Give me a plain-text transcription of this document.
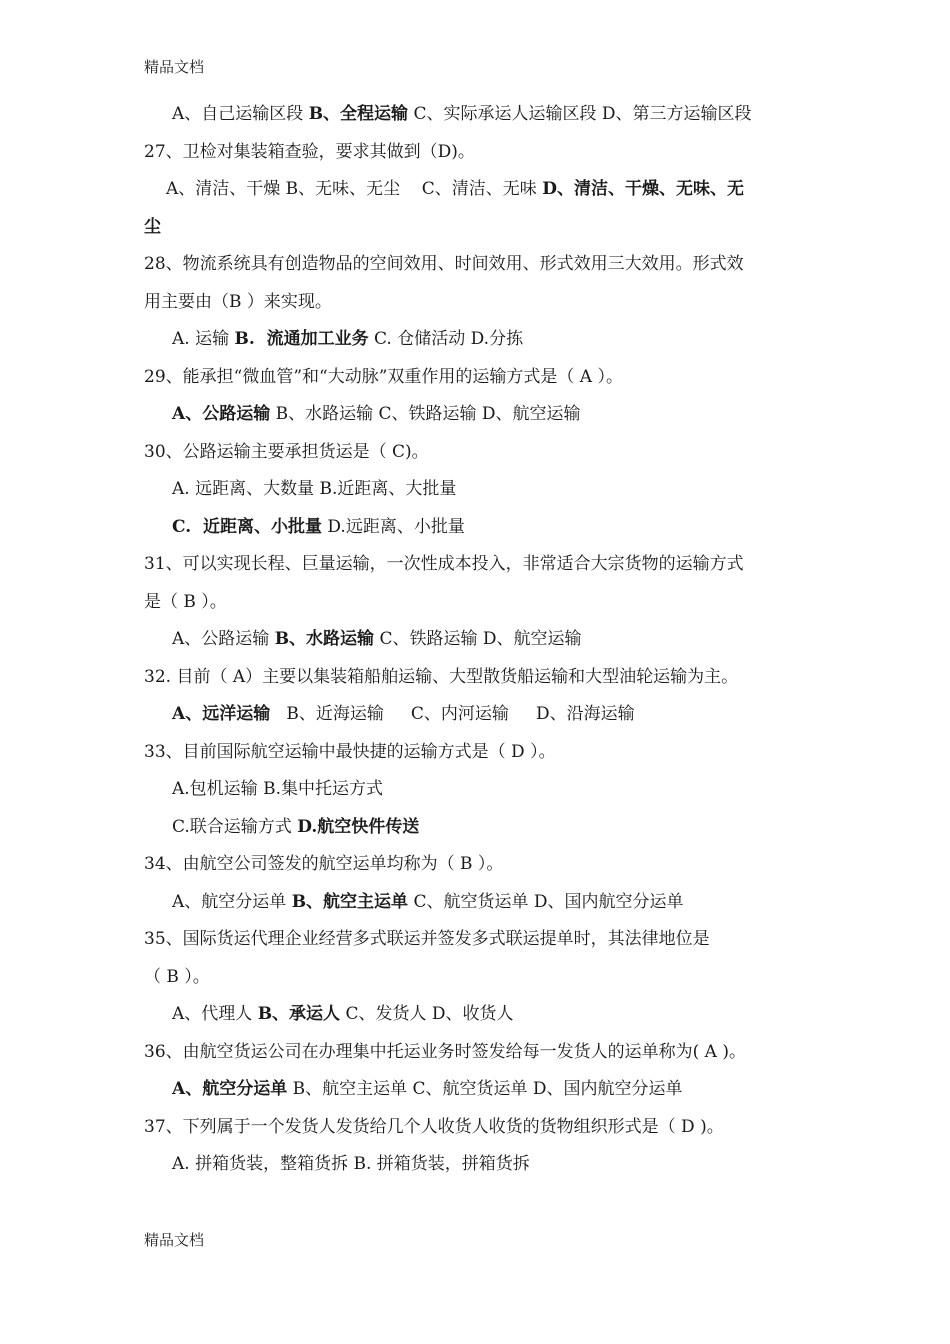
精品文档
A、自己运输区段 B、全程运输 C、实际承运人运输区段 D、第三方运输区段
27、卫检对集装箱查验，要求其做到（D)。
A、清洁、干燥 B、无味、无尘    C、清洁、无味 D、清洁、干燥、无味、无
尘
28、物流系统具有创造物品的空间效用、时间效用、形式效用三大效用。形式效
用主要由（B ）来实现。
A. 运输 B.  流通加工业务 C. 仓储活动 D.分拣
29、能承担“微血管”和“大动脉”双重作用的运输方式是（ A ）。
A、公路运输 B、水路运输 C、铁路运输 D、航空运输
30、公路运输主要承担货运是（ C)。
A. 远距离、大数量 B.近距离、大批量
C.  近距离、小批量 D.远距离、小批量
31、可以实现长程、巨量运输，一次性成本投入，非常适合大宗货物的运输方式
是（ B ）。
A、公路运输 B、水路运输 C、铁路运输 D、航空运输
32. 目前（ A）主要以集装箱船舶运输、大型散货船运输和大型油轮运输为主。
A、远洋运输   B、近海运输     C、内河运输     D、沿海运输
33、目前国际航空运输中最快捷的运输方式是（ D ）。
A.包机运输 B.集中托运方式
C.联合运输方式 D.航空快件传送
34、由航空公司签发的航空运单均称为（ B ）。
A、航空分运单 B、航空主运单 C、航空货运单 D、国内航空分运单
35、国际货运代理企业经营多式联运并签发多式联运提单时，其法律地位是
（ B ）。
A、代理人 B、承运人 C、发货人 D、收货人
36、由航空货运公司在办理集中托运业务时签发给每一发货人的运单称为( A )。
A、航空分运单 B、航空主运单 C、航空货运单 D、国内航空分运单
37、下列属于一个发货人发货给几个人收货人收货的货物组织形式是（ D )。
A. 拼箱货装，整箱货拆 B. 拼箱货装，拼箱货拆
精品文档
